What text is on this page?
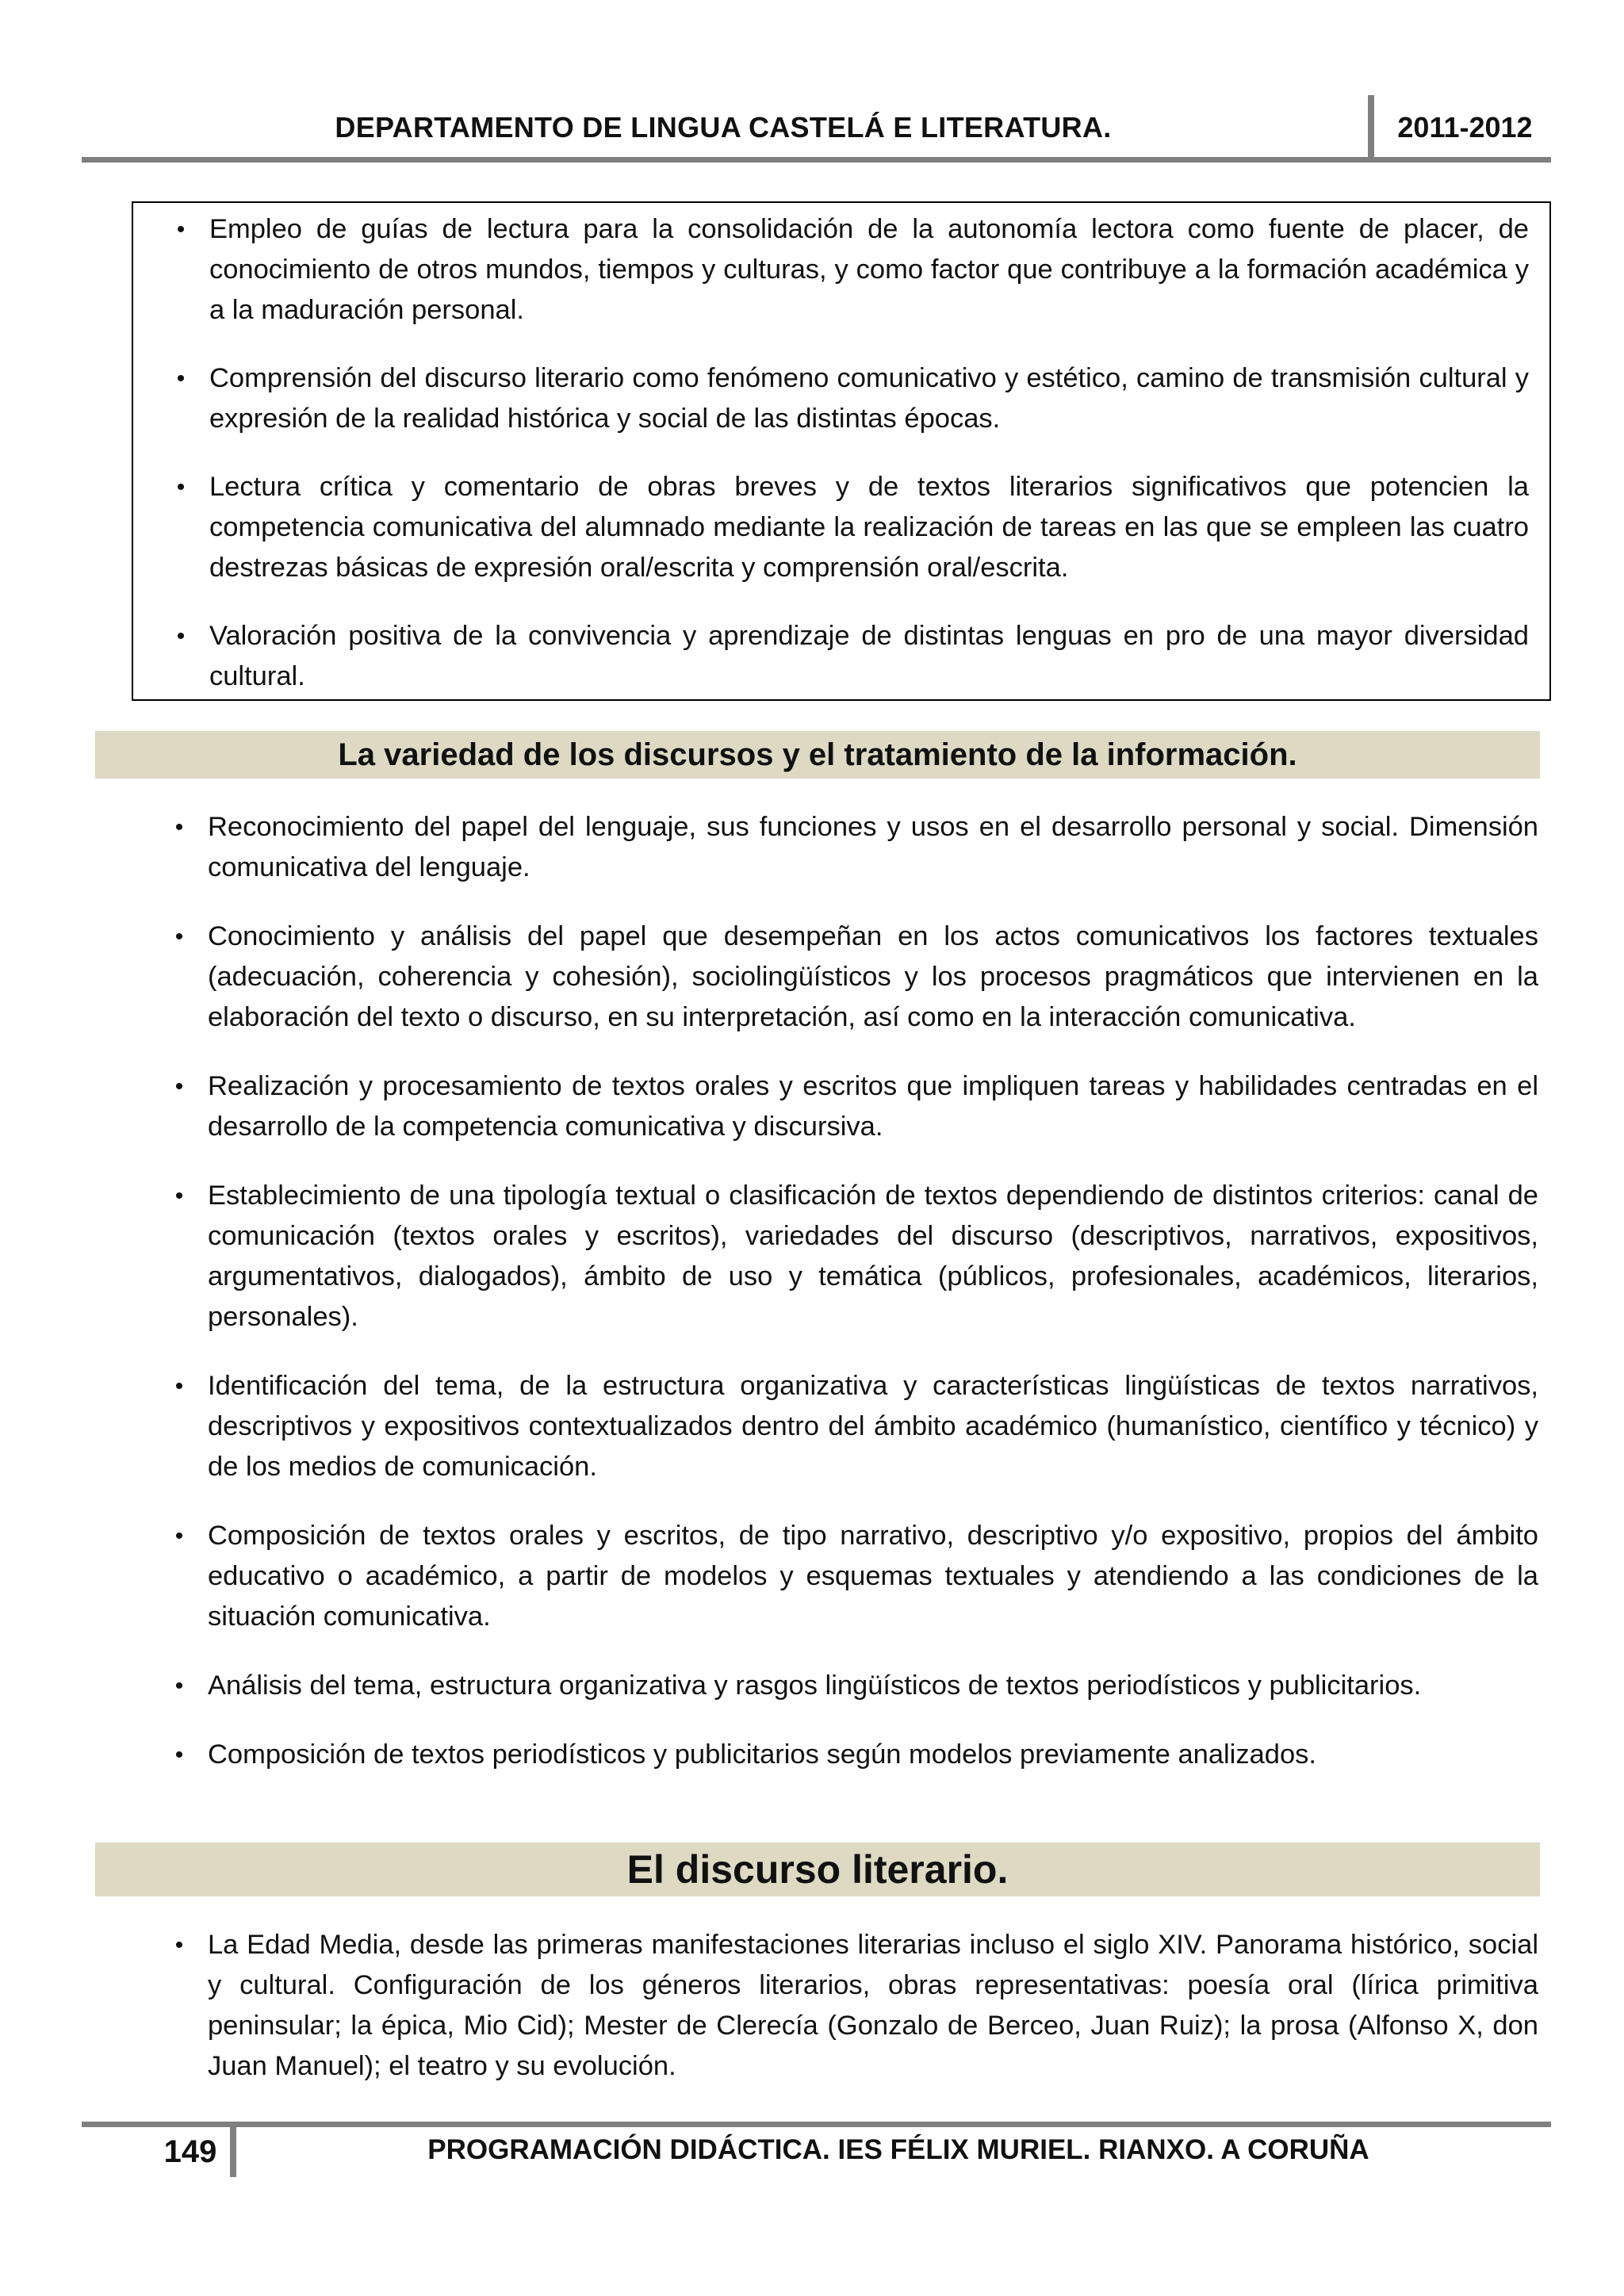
DEPARTAMENTO DE LINGUA CASTELÁ E LITERATURA.	2011-2012
• Empleo de guías de lectura para la consolidación de la autonomía lectora como fuente de placer, de conocimiento de otros mundos, tiempos y culturas, y como factor que contribuye a la formación académica y a la maduración personal.
• Comprensión del discurso literario como fenómeno comunicativo y estético, camino de transmisión cultural y expresión de la realidad histórica y social de las distintas épocas.
• Lectura crítica y comentario de obras breves y de textos literarios significativos que potencien la competencia comunicativa del alumnado mediante la realización de tareas en las que se empleen las cuatro destrezas básicas de expresión oral/escrita y comprensión oral/escrita.
• Valoración positiva de la convivencia y aprendizaje de distintas lenguas en pro de una mayor diversidad cultural.
La variedad de los discursos y el tratamiento de la información.
• Reconocimiento del papel del lenguaje, sus funciones y usos en el desarrollo personal y social. Dimensión comunicativa del lenguaje.
• Conocimiento y análisis del papel que desempeñan en los actos comunicativos los factores textuales (adecuación, coherencia y cohesión), sociolingüísticos y los procesos pragmáticos que intervienen en la elaboración del texto o discurso, en su interpretación, así como en la interacción comunicativa.
• Realización y procesamiento de textos orales y escritos que impliquen tareas y habilidades centradas en el desarrollo de la competencia comunicativa y discursiva.
• Establecimiento de una tipología textual o clasificación de textos dependiendo de distintos criterios: canal de comunicación (textos orales y escritos), variedades del discurso (descriptivos, narrativos, expositivos, argumentativos, dialogados), ámbito de uso y temática (públicos, profesionales, académicos, literarios, personales).
• Identificación del tema, de la estructura organizativa y características lingüísticas de textos narrativos, descriptivos y expositivos contextualizados dentro del ámbito académico (humanístico, científico y técnico) y de los medios de comunicación.
• Composición de textos orales y escritos, de tipo narrativo, descriptivo y/o expositivo, propios del ámbito educativo o académico, a partir de modelos y esquemas textuales y atendiendo a las condiciones de la situación comunicativa.
• Análisis del tema, estructura organizativa y rasgos lingüísticos de textos periodísticos y publicitarios.
• Composición de textos periodísticos y publicitarios según modelos previamente analizados.
El discurso literario.
• La Edad Media, desde las primeras manifestaciones literarias incluso el siglo XIV. Panorama histórico, social y cultural. Configuración de los géneros literarios, obras representativas: poesía oral (lírica primitiva peninsular; la épica, Mio Cid); Mester de Clerecía (Gonzalo de Berceo, Juan Ruiz); la prosa (Alfonso X, don Juan Manuel); el teatro y su evolución.
149	PROGRAMACIÓN DIDÁCTICA. IES FÉLIX MURIEL. RIANXO. A CORUÑA
